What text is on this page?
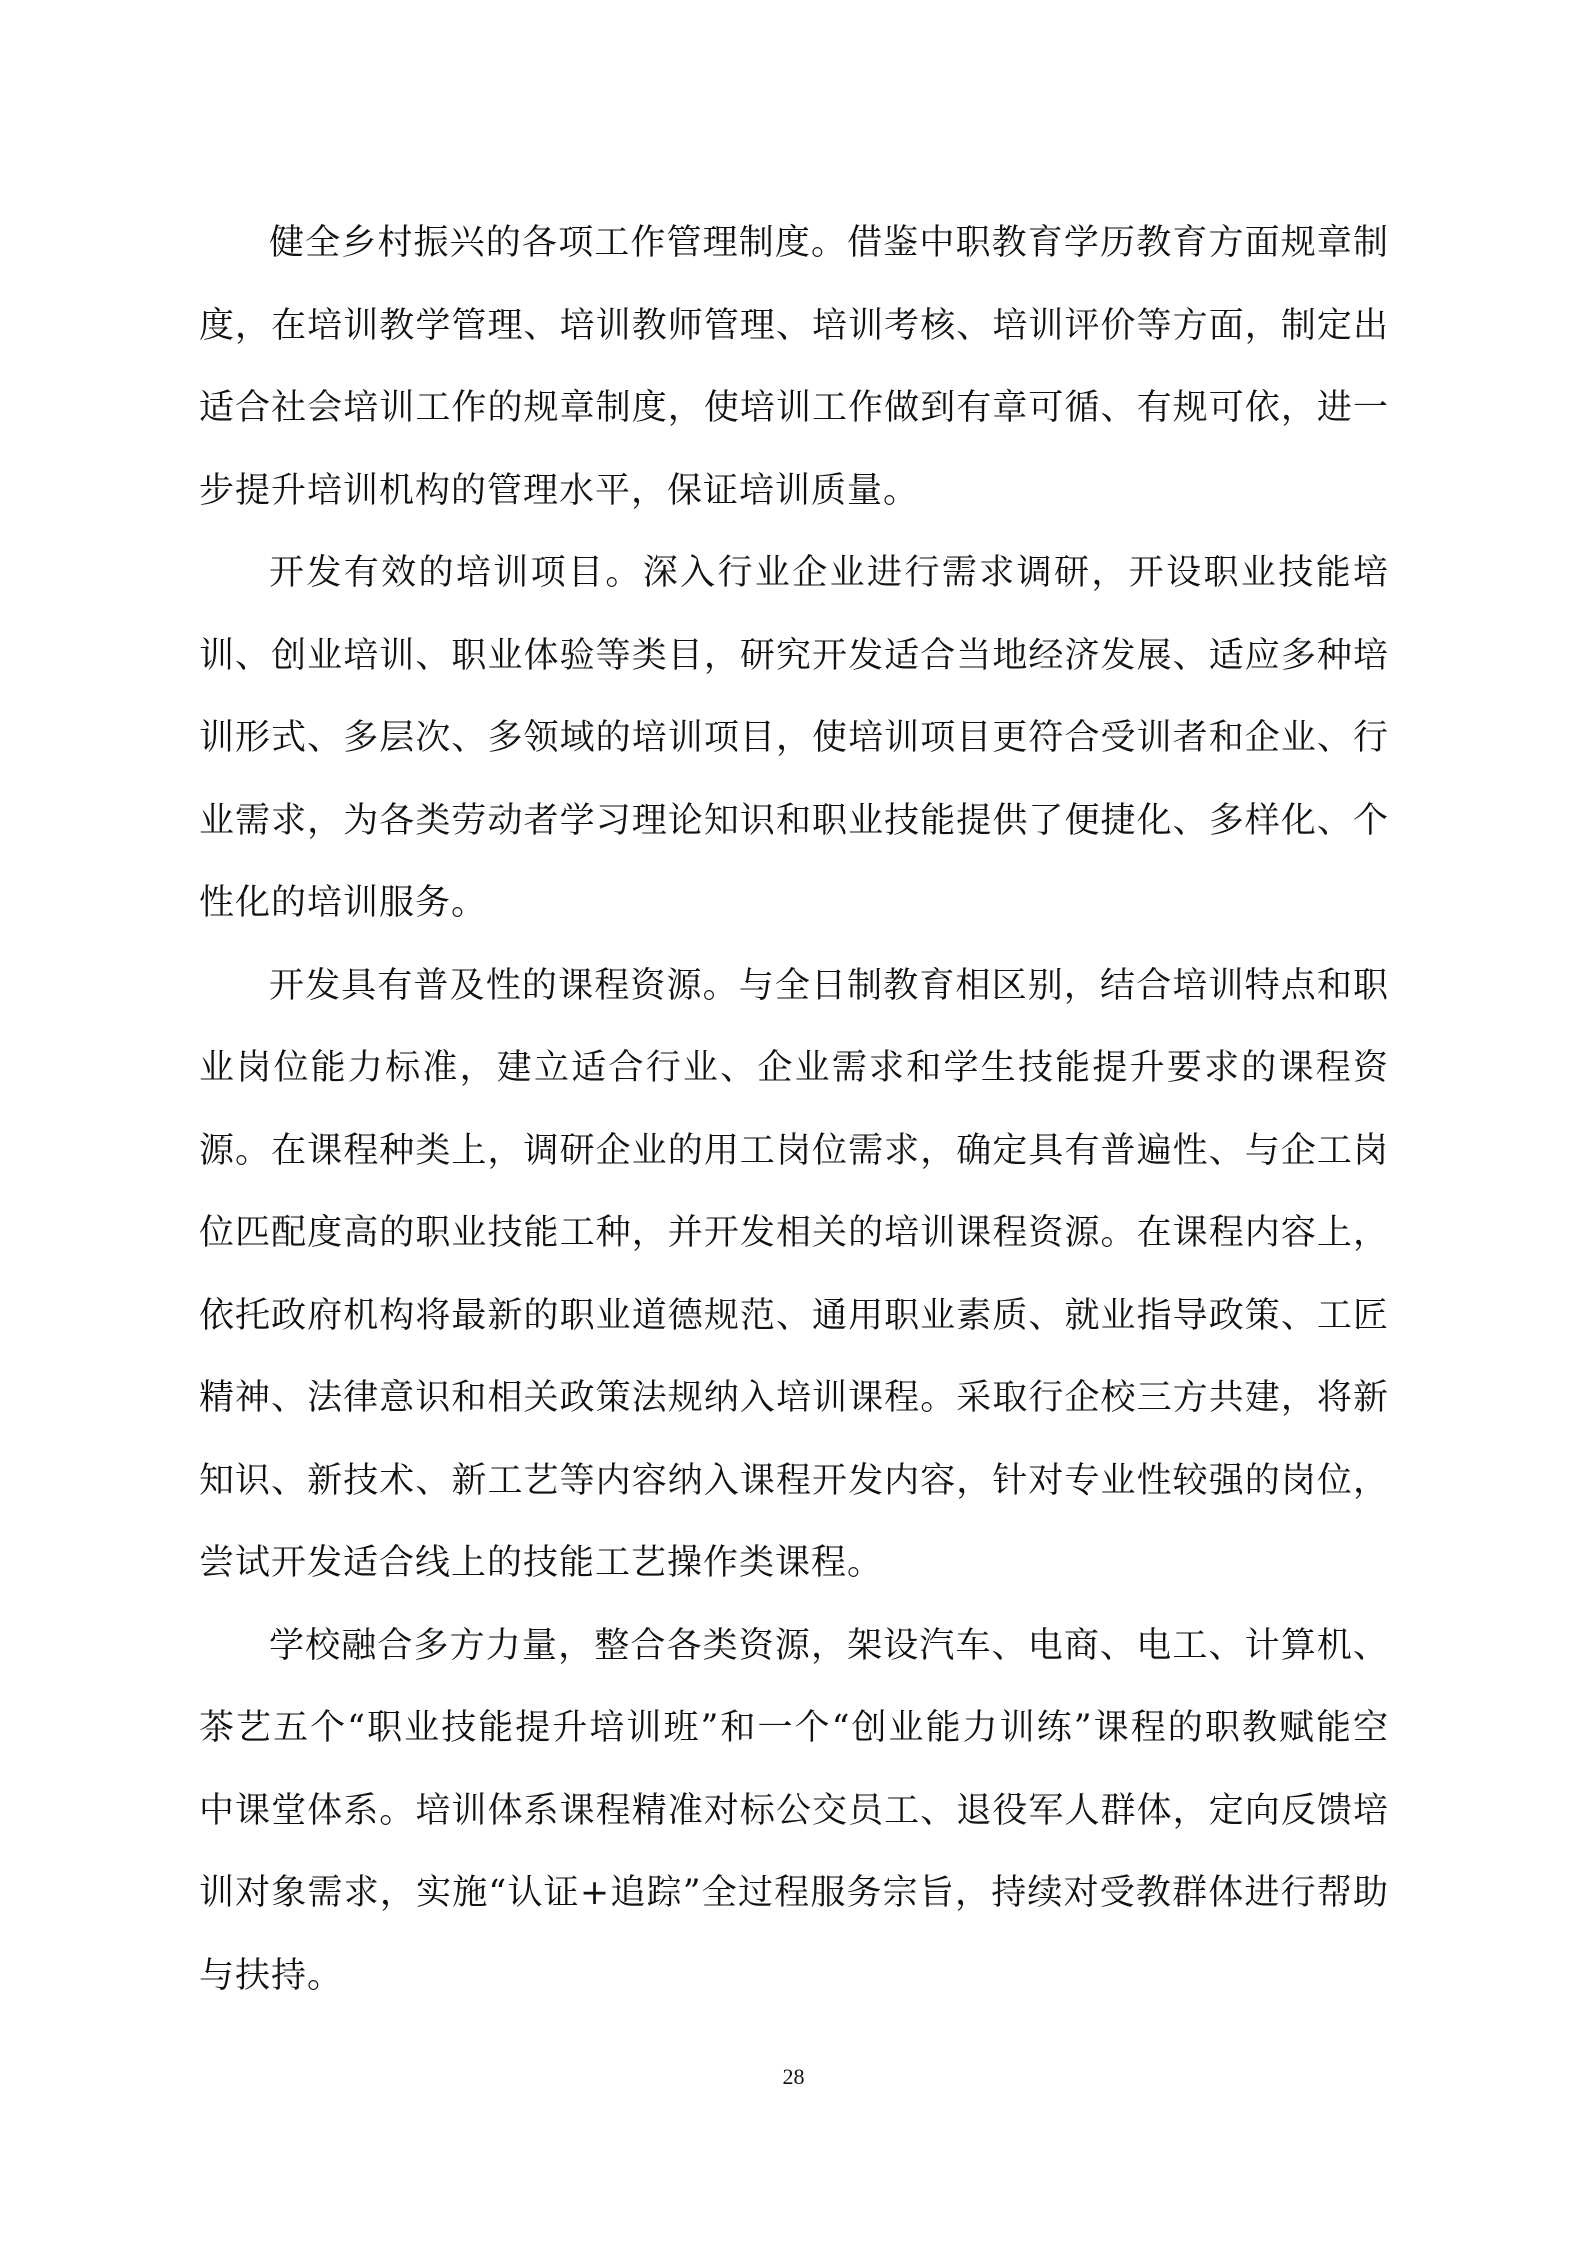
健全乡村振兴的各项工作管理制度。借鉴中职教育学历教育方面规章制度，在培训教学管理、培训教师管理、培训考核、培训评价等方面，制定出适合社会培训工作的规章制度，使培训工作做到有章可循、有规可依，进一步提升培训机构的管理水平，保证培训质量。

开发有效的培训项目。深入行业企业进行需求调研，开设职业技能培训、创业培训、职业体验等类目，研究开发适合当地经济发展、适应多种培训形式、多层次、多领域的培训项目，使培训项目更符合受训者和企业、行业需求，为各类劳动者学习理论知识和职业技能提供了便捷化、多样化、个性化的培训服务。

开发具有普及性的课程资源。与全日制教育相区别，结合培训特点和职业岗位能力标准，建立适合行业、企业需求和学生技能提升要求的课程资源。在课程种类上，调研企业的用工岗位需求，确定具有普遍性、与企工岗位匹配度高的职业技能工种，并开发相关的培训课程资源。在课程内容上，依托政府机构将最新的职业道德规范、通用职业素质、就业指导政策、工匠精神、法律意识和相关政策法规纳入培训课程。采取行企校三方共建，将新知识、新技术、新工艺等内容纳入课程开发内容，针对专业性较强的岗位，尝试开发适合线上的技能工艺操作类课程。

学校融合多方力量，整合各类资源，架设汽车、电商、电工、计算机、茶艺五个“职业技能提升培训班”和一个“创业能力训练”课程的职教赋能空中课堂体系。培训体系课程精准对标公交员工、退役军人群体，定向反馈培训对象需求，实施“认证+追踪”全过程服务宗旨，持续对受教群体进行帮助与扶持。

28
